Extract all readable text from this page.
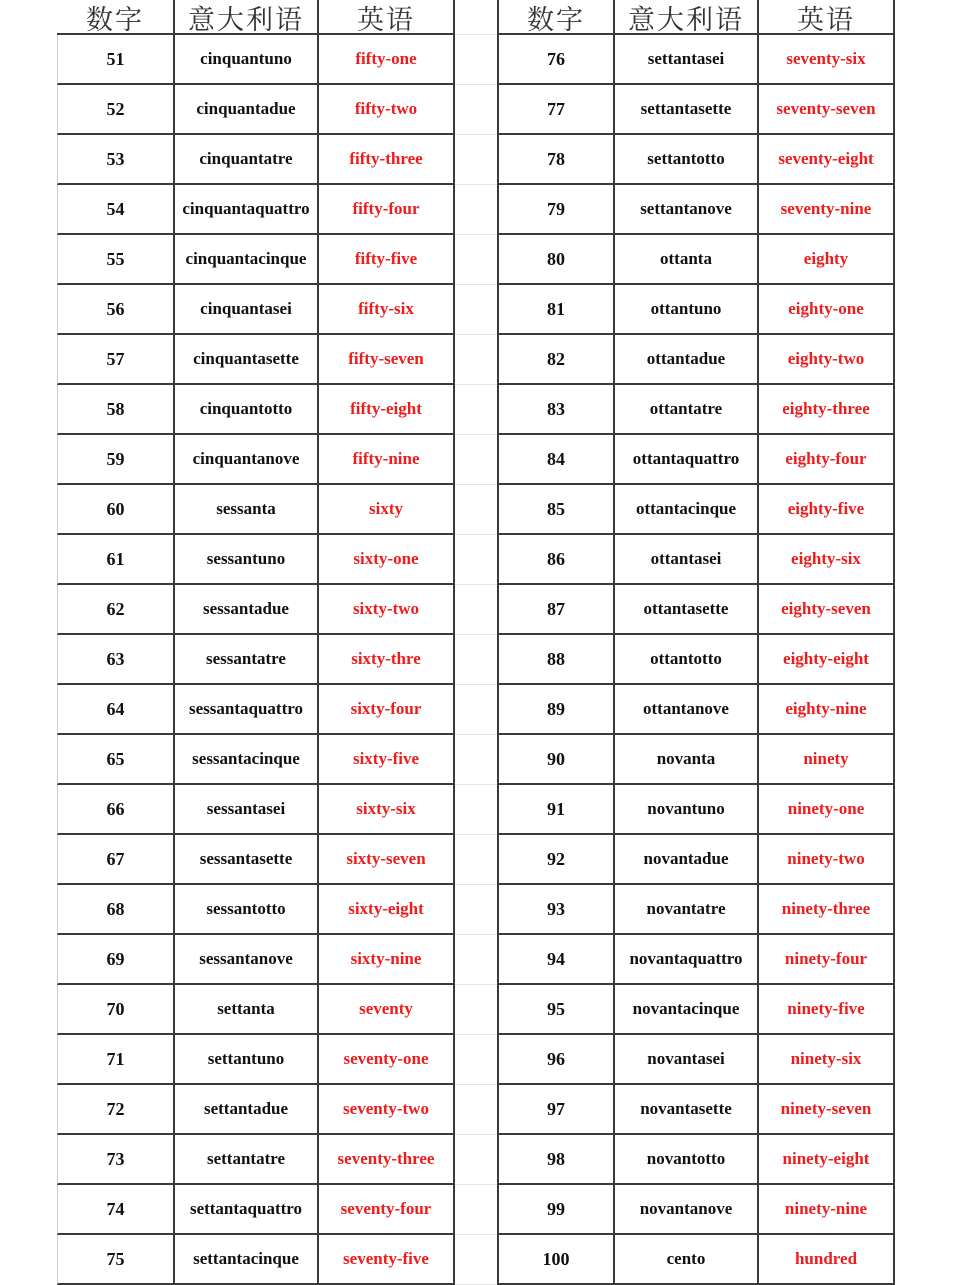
数字	意大利语	英语
51	cinquantuno	fifty-one
52	cinquantadue	fifty-two
53	cinquantatre	fifty-three
54	cinquantaquattro	fifty-four
55	cinquantacinque	fifty-five
56	cinquantasei	fifty-six
57	cinquantasette	fifty-seven
58	cinquantotto	fifty-eight
59	cinquantanove	fifty-nine
60	sessanta	sixty
61	sessantuno	sixty-one
62	sessantadue	sixty-two
63	sessantatre	sixty-thre
64	sessantaquattro	sixty-four
65	sessantacinque	sixty-five
66	sessantasei	sixty-six
67	sessantasette	sixty-seven
68	sessantotto	sixty-eight
69	sessantanove	sixty-nine
70	settanta	seventy
71	settantuno	seventy-one
72	settantadue	seventy-two
73	settantatre	seventy-three
74	settantaquattro	seventy-four
75	settantacinque	seventy-five
数字	意大利语	英语
76	settantasei	seventy-six
77	settantasette	seventy-seven
78	settantotto	seventy-eight
79	settantanove	seventy-nine
80	ottanta	eighty
81	ottantuno	eighty-one
82	ottantadue	eighty-two
83	ottantatre	eighty-three
84	ottantaquattro	eighty-four
85	ottantacinque	eighty-five
86	ottantasei	eighty-six
87	ottantasette	eighty-seven
88	ottantotto	eighty-eight
89	ottantanove	eighty-nine
90	novanta	ninety
91	novantuno	ninety-one
92	novantadue	ninety-two
93	novantatre	ninety-three
94	novantaquattro	ninety-four
95	novantacinque	ninety-five
96	novantasei	ninety-six
97	novantasette	ninety-seven
98	novantotto	ninety-eight
99	novantanove	ninety-nine
100	cento	hundred
